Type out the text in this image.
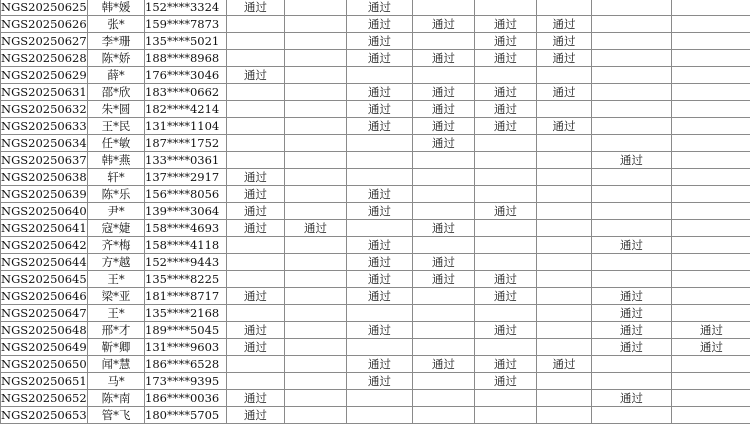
NGS20250625	韩*媛	152****3324	通过		通过					
NGS20250626	张*	159****7873			通过	通过	通过	通过		
NGS20250627	李*珊	135****5021			通过		通过	通过		
NGS20250628	陈*娇	188****8968			通过	通过	通过	通过		
NGS20250629	薛*	176****3046	通过							
NGS20250631	邵*欣	183****0662			通过	通过	通过	通过		
NGS20250632	朱*圆	182****4214			通过	通过	通过			
NGS20250633	王*民	131****1104			通过	通过	通过	通过		
NGS20250634	任*敏	187****1752				通过				
NGS20250637	韩*燕	133****0361							通过	
NGS20250638	轩*	137****2917	通过							
NGS20250639	陈*乐	156****8056	通过		通过					
NGS20250640	尹*	139****3064	通过		通过		通过			
NGS20250641	寇*婕	158****4693	通过	通过		通过				
NGS20250642	齐*梅	158****4118			通过				通过	
NGS20250644	方*越	152****9443			通过	通过				
NGS20250645	王*	135****8225			通过	通过	通过			
NGS20250646	梁*亚	181****8717	通过		通过		通过		通过	
NGS20250647	王*	135****2168							通过	
NGS20250648	邢*才	189****5045	通过		通过		通过		通过	通过
NGS20250649	靳*卿	131****9603	通过						通过	通过
NGS20250650	闻*慧	186****6528			通过	通过	通过	通过		
NGS20250651	马*	173****9395			通过		通过			
NGS20250652	陈*南	186****0036	通过						通过	
NGS20250653	管*飞	180****5705	通过							
